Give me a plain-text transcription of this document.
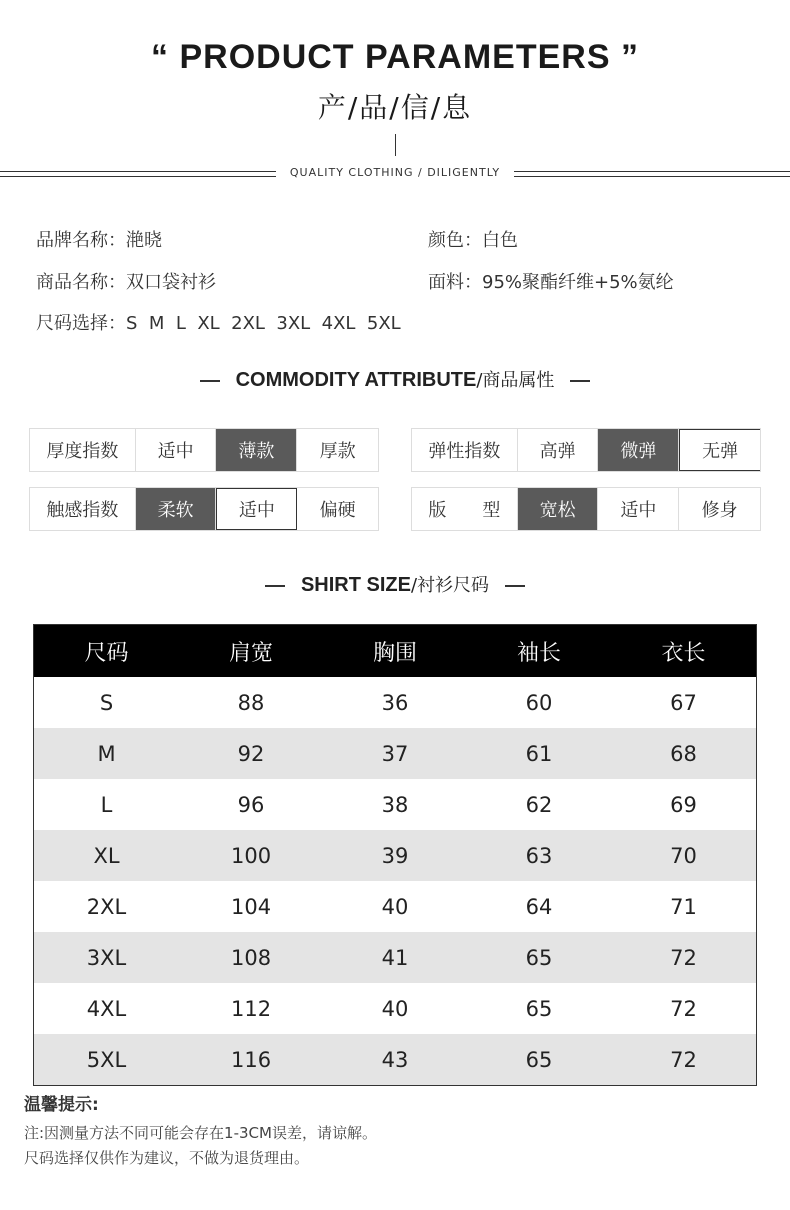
“ PRODUCT PARAMETERS ”
产/品/信/息
QUALITY CLOTHING / DILIGENTLY
品牌名称：滟晓
商品名称：双口袋衬衫
尺码选择：S  M  L  XL  2XL  3XL  4XL  5XL
颜色：白色
面料：95%聚酯纤维+5%氨纶
COMMODITY ATTRIBUTE/商品属性
厚度指数	适中	薄款	厚款	弹性指数	高弹	微弹	无弹
触感指数	柔软	适中	偏硬	版　　型	宽松	适中	修身
SHIRT SIZE/衬衫尺码
尺码	肩宽	胸围	袖长	衣长
S	88	36	60	67
M	92	37	61	68
L	96	38	62	69
XL	100	39	63	70
2XL	104	40	64	71
3XL	108	41	65	72
4XL	112	40	65	72
5XL	116	43	65	72
温馨提示:
注:因测量方法不同可能会存在1-3CM误差，请谅解。
尺码选择仅供作为建议，不做为退货理由。
